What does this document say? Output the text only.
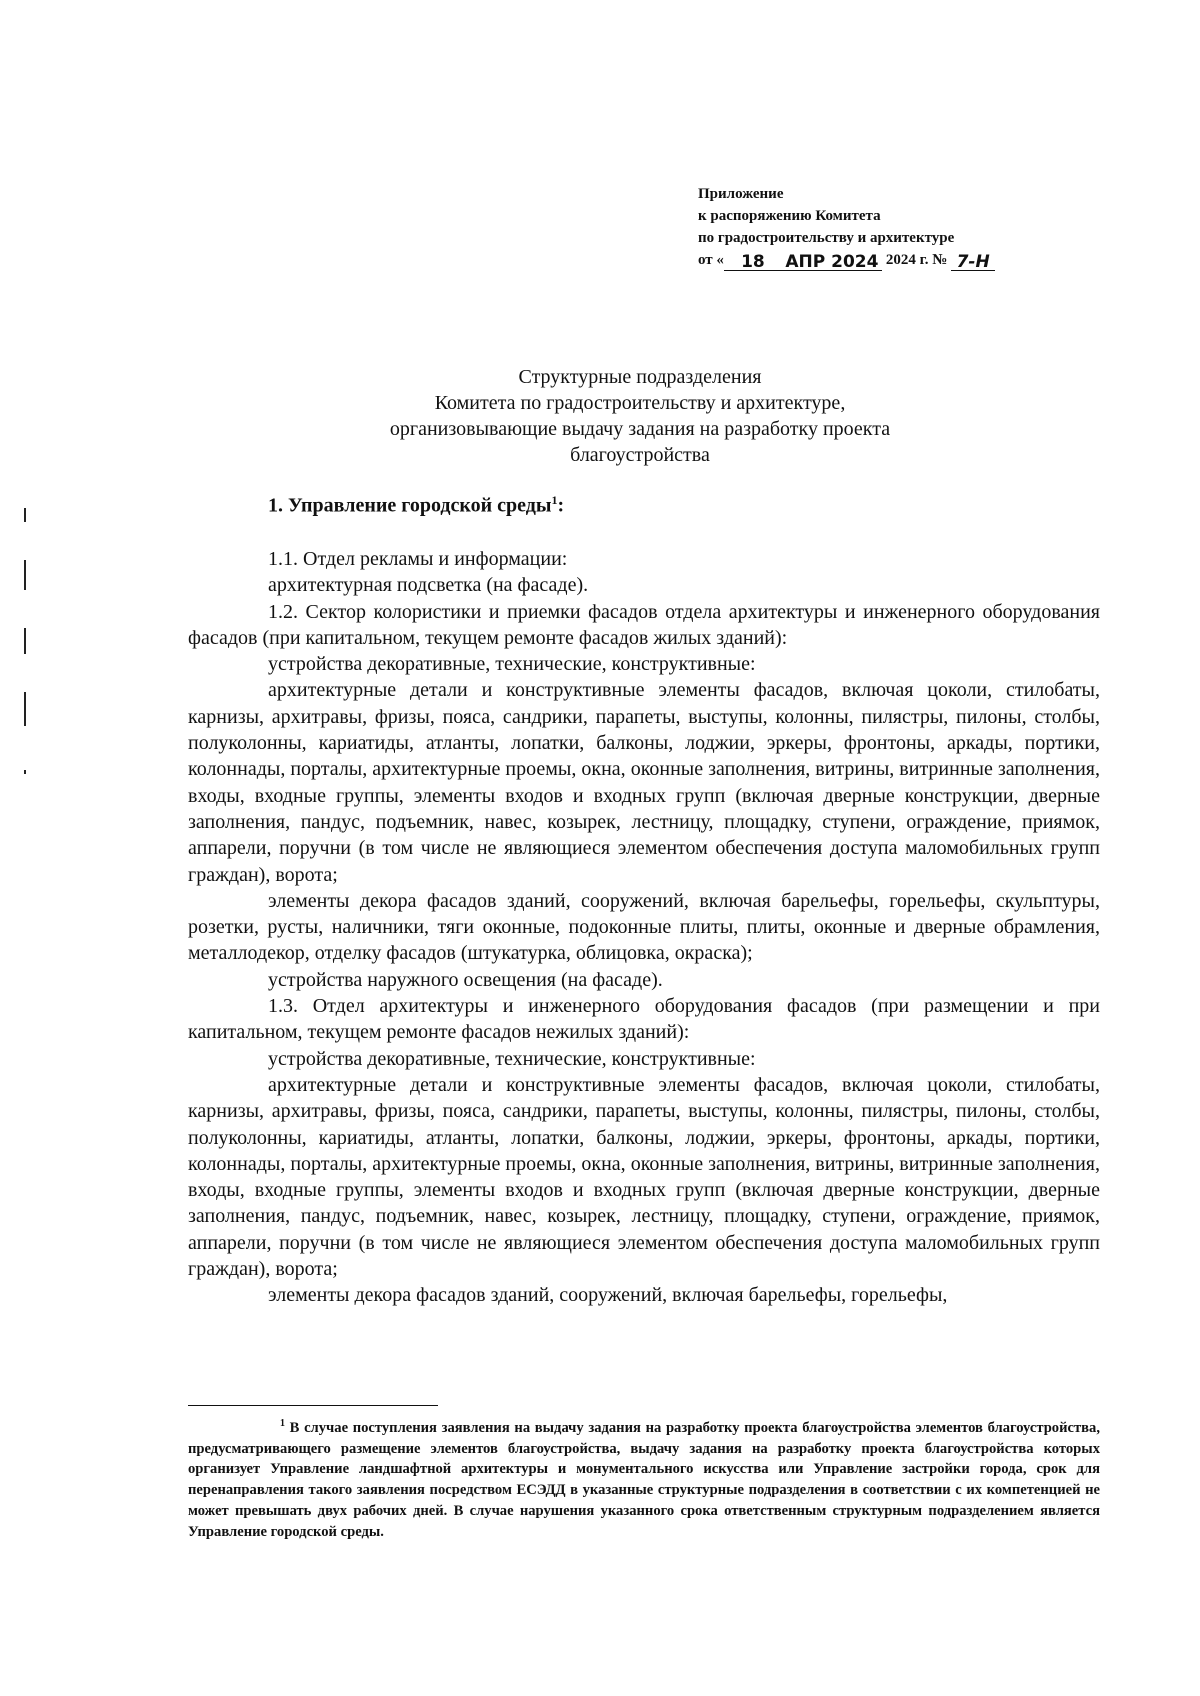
Приложение
к распоряжению Комитета
по градостроительству и архитектуре
от « 18 АПР 2024 2024 г. № 7-Н
Структурные подразделения
Комитета по градостроительству и архитектуре,
организовывающие выдачу задания на разработку проекта
благоустройства
1. Управление городской среды$^1$:

1.1. Отдел рекламы и информации:

архитектурная подсветка (на фасаде).

1.2. Сектор колористики и приемки фасадов отдела архитектуры и инженерного оборудования фасадов (при капитальном, текущем ремонте фасадов жилых зданий):

устройства декоративные, технические, конструктивные:

архитектурные детали и конструктивные элементы фасадов, включая цоколи, стилобаты, карнизы, архитравы, фризы, пояса, сандрики, парапеты, выступы, колонны, пилястры, пилоны, столбы, полуколонны, кариатиды, атланты, лопатки, балконы, лоджии, эркеры, фронтоны, аркады, портики, колоннады, порталы, архитектурные проемы, окна, оконные заполнения, витрины, витринные заполнения, входы, входные группы, элементы входов и входных групп (включая дверные конструкции, дверные заполнения, пандус, подъемник, навес, козырек, лестницу, площадку, ступени, ограждение, приямок, аппарели, поручни (в том числе не являющиеся элементом обеспечения доступа маломобильных групп граждан), ворота;

элементы декора фасадов зданий, сооружений, включая барельефы, горельефы, скульптуры, розетки, русты, наличники, тяги оконные, подоконные плиты, плиты, оконные и дверные обрамления, металлодекор, отделку фасадов (штукатурка, облицовка, окраска);

устройства наружного освещения (на фасаде).

1.3. Отдел архитектуры и инженерного оборудования фасадов (при размещении и при капитальном, текущем ремонте фасадов нежилых зданий):

устройства декоративные, технические, конструктивные:

архитектурные детали и конструктивные элементы фасадов, включая цоколи, стилобаты, карнизы, архитравы, фризы, пояса, сандрики, парапеты, выступы, колонны, пилястры, пилоны, столбы, полуколонны, кариатиды, атланты, лопатки, балконы, лоджии, эркеры, фронтоны, аркады, портики, колоннады, порталы, архитектурные проемы, окна, оконные заполнения, витрины, витринные заполнения, входы, входные группы, элементы входов и входных групп (включая дверные конструкции, дверные заполнения, пандус, подъемник, навес, козырек, лестницу, площадку, ступени, ограждение, приямок, аппарели, поручни (в том числе не являющиеся элементом обеспечения доступа маломобильных групп граждан), ворота;

элементы декора фасадов зданий, сооружений, включая барельефы, горельефы,

$^1$ В случае поступления заявления на выдачу задания на разработку проекта благоустройства элементов благоустройства, предусматривающего размещение элементов благоустройства, выдачу задания на разработку проекта благоустройства которых организует Управление ландшафтной архитектуры и монументального искусства или Управление застройки города, срок для перенаправления такого заявления посредством ЕСЭДД в указанные структурные подразделения в соответствии с их компетенцией не может превышать двух рабочих дней. В случае нарушения указанного срока ответственным структурным подразделением является Управление городской среды.
